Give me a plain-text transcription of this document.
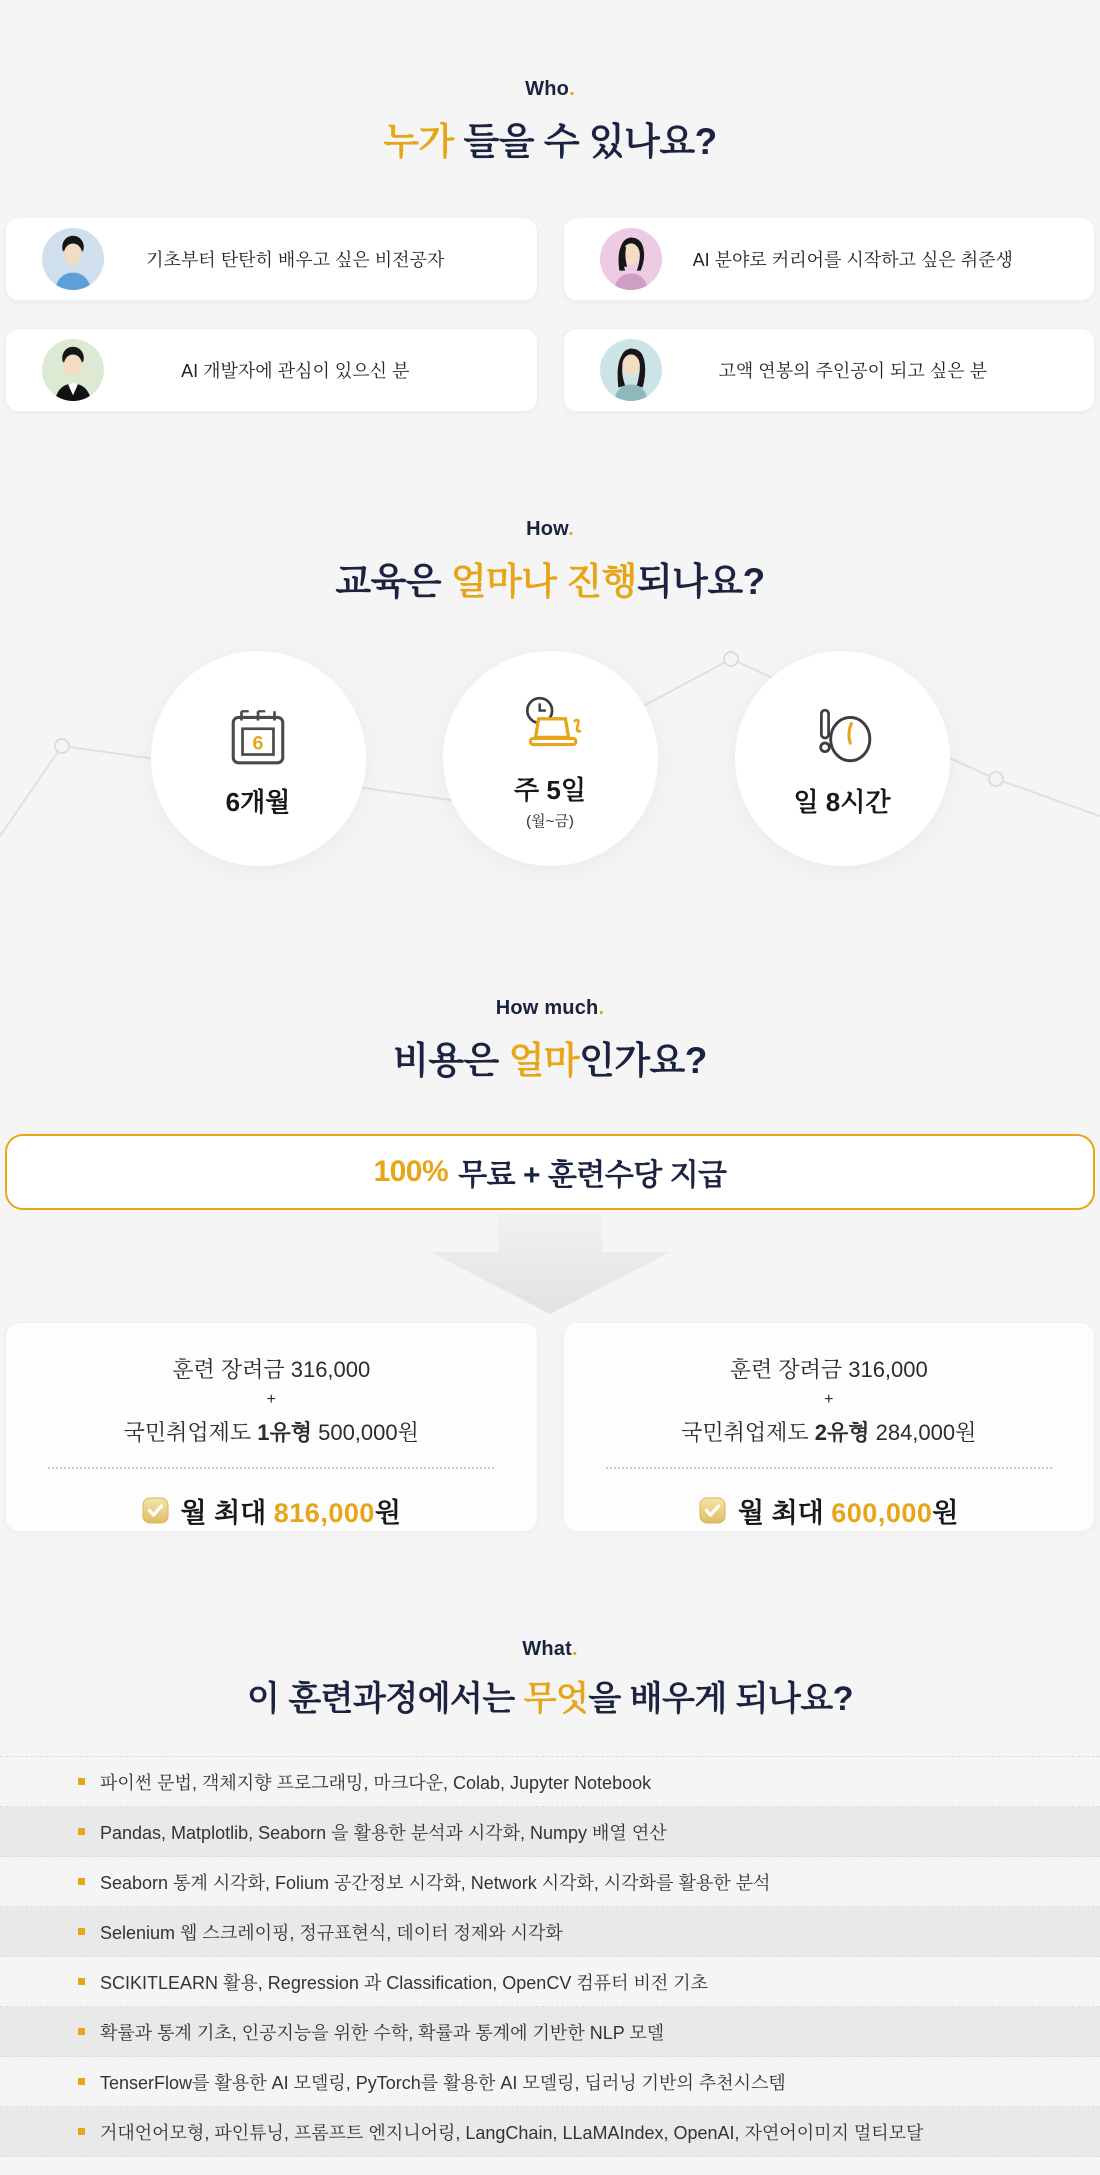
Who.
누가 들을 수 있나요?
기초부터 탄탄히 배우고 싶은 비전공자	AI 분야로 커리어를 시작하고 싶은 취준생
AI 개발자에 관심이 있으신 분	고액 연봉의 주인공이 되고 싶은 분
How.
교육은 얼마나 진행되나요?
6
6개월	주 5일
(월~금)
일 8시간
How much.
비용은 얼마인가요?
100% 무료 + 훈련수당 지급
훈련 장려금 316,000
+
국민취업제도 1유형 500,000원
월 최대 816,000원
훈련 장려금 316,000
+
국민취업제도 2유형 284,000원
월 최대 600,000원
What.
이 훈련과정에서는 무엇을 배우게 되나요?
파이썬 문법, 객체지향 프로그래밍, 마크다운, Colab, Jupyter Notebook
Pandas, Matplotlib, Seaborn 을 활용한 분석과 시각화, Numpy 배열 연산
Seaborn 통계 시각화, Folium 공간정보 시각화, Network 시각화, 시각화를 활용한 분석
Selenium 웹 스크레이핑, 정규표현식, 데이터 정제와 시각화
SCIKITLEARN 활용, Regression 과 Classification, OpenCV 컴퓨터 비전 기초
확률과 통계 기초, 인공지능을 위한 수학, 확률과 통계에 기반한 NLP 모델
TenserFlow를 활용한 AI 모델링, PyTorch를 활용한 AI 모델링, 딥러닝 기반의 추천시스템
거대언어모형, 파인튜닝, 프롬프트 엔지니어링, LangChain, LLaMAIndex, OpenAI, 자연어이미지 멀티모달
